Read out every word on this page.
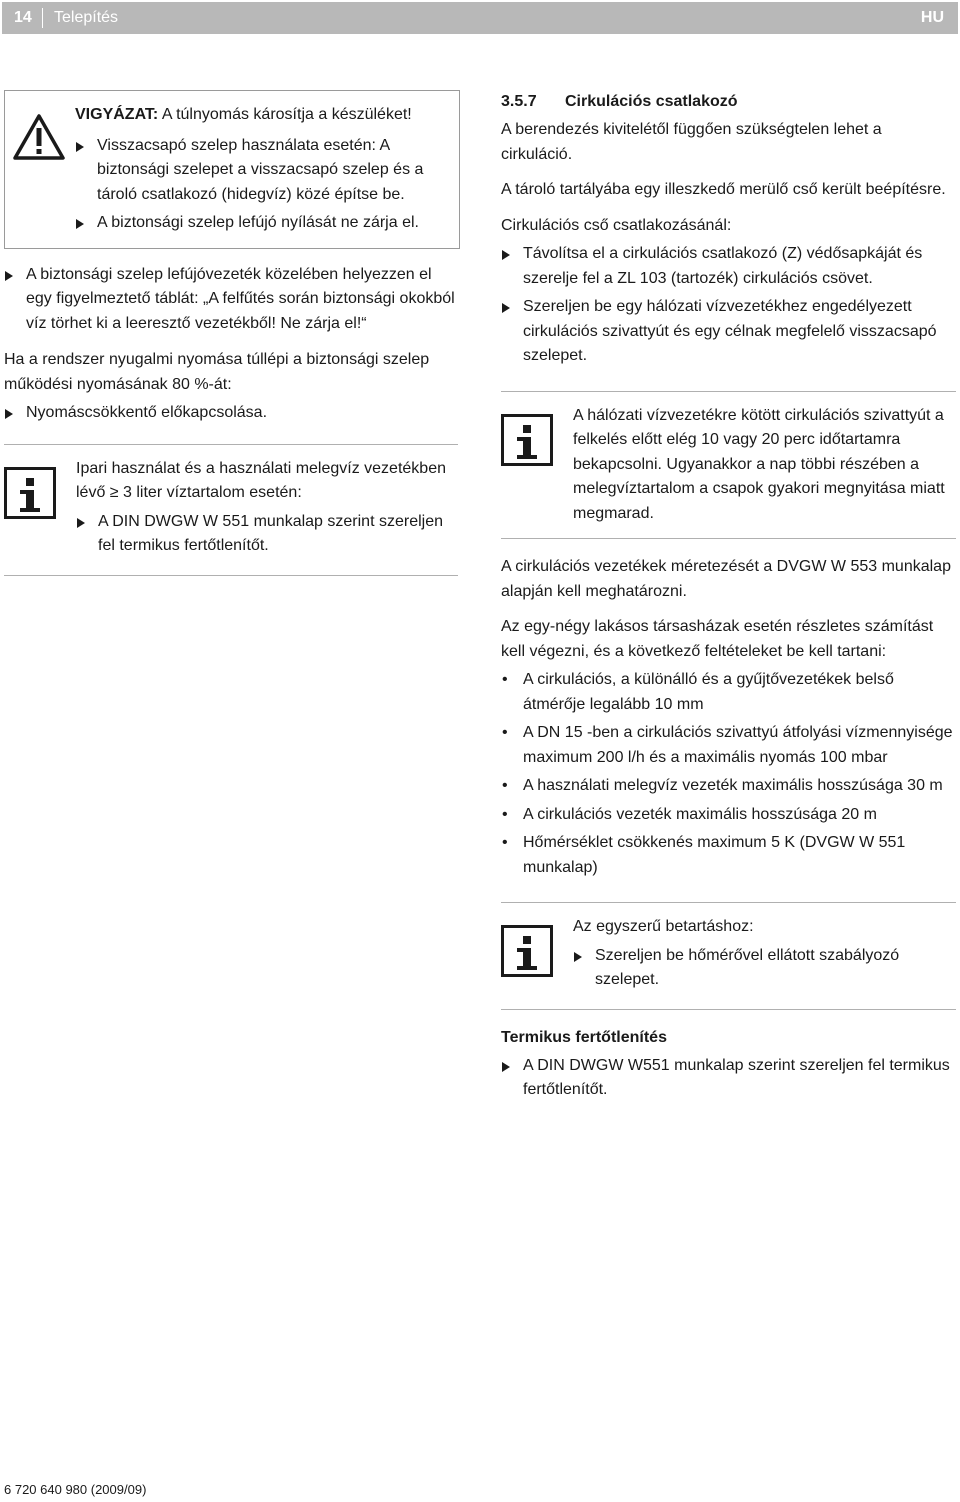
14 Telepítés	HU

VIGYÁZAT: A túlnyomás károsítja a készüléket!

Visszacsapó szelep használata esetén: A biztonsági szelepet a visszacsapó szelep és a tároló csatlakozó (hidegvíz) közé építse be.
A biztonsági szelep lefújó nyílását ne zárja el.
A biztonsági szelep lefújóvezeték közelében helyezzen el egy figyelmeztető táblát: „A felfűtés során biztonsági okokból víz törhet ki a leeresztő vezetékből! Ne zárja el!“

Ha a rendszer nyugalmi nyomása túllépi a biztonsági szelep működési nyomásának 80 %-át:

Nyomáscsökkentő előkapcsolása.

Ipari használat és a használati melegvíz vezetékben lévő ≥ 3 liter víztartalom esetén:

A DIN DWGW W 551 munkalap szerint szereljen fel termikus fertőtlenítőt.
3.5.7 Cirkulációs csatlakozó

A berendezés kivitelétől függően szükségtelen lehet a cirkuláció.

A tároló tartályába egy illeszkedő merülő cső került beépítésre.

Cirkulációs cső csatlakozásánál:

Távolítsa el a cirkulációs csatlakozó (Z) védősapkáját és szerelje fel a ZL 103 (tartozék) cirkulációs csövet.
Szereljen be egy hálózati vízvezetékhez engedélyezett cirkulációs szivattyút és egy célnak megfelelő visszacsapó szelepet.

A hálózati vízvezetékre kötött cirkulációs szivattyút a felkelés előtt elég 10 vagy 20 perc időtartamra bekapcsolni. Ugyanakkor a nap többi részében a melegvíztartalom a csapok gyakori megnyitása miatt megmarad.

A cirkulációs vezetékek méretezését a DVGW W 553 munkalap alapján kell meghatározni.

Az egy-négy lakásos társasházak esetén részletes számítást kell végezni, és a következő feltételeket be kell tartani:

• A cirkulációs, a különálló és a gyűjtővezetékek belső átmérője legalább 10 mm
• A DN 15 -ben a cirkulációs szivattyú átfolyási vízmennyisége maximum 200 l/h és a maximális nyomás 100 mbar
• A használati melegvíz vezeték maximális hosszúsága 30 m
• A cirkulációs vezeték maximális hosszúsága 20 m
• Hőmérséklet csökkenés maximum 5 K (DVGW W 551 munkalap)

Az egyszerű betartáshoz:

Szereljen be hőmérővel ellátott szabályozó szelepet.
Termikus fertőtlenítés
A DIN DWGW W551 munkalap szerint szereljen fel termikus fertőtlenítőt.
6 720 640 980 (2009/09)
